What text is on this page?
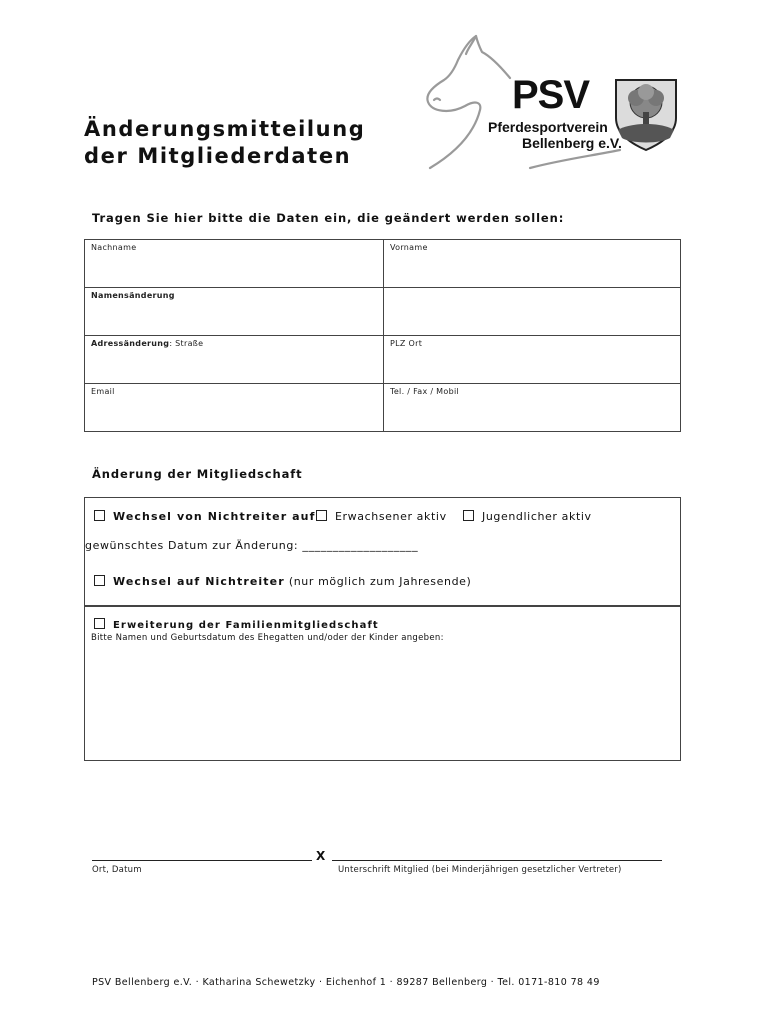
Änderungsmitteilung
der Mitgliederdaten
PSV
Pferdesportverein
Bellenberg e.V.
Tragen Sie hier bitte die Daten ein, die geändert werden sollen:
Nachname	Vorname
Namensänderung	
Adressänderung: Straße	PLZ Ort
Email	Tel. / Fax / Mobil
Änderung der Mitgliedschaft
Wechsel von Nichtreiter auf	Erwachsener aktiv	Jugendlicher aktiv
gewünschtes Datum zur Änderung: ___________________
Wechsel auf Nichtreiter (nur möglich zum Jahresende)
Erweiterung der Familienmitgliedschaft
Bitte Namen und Geburtsdatum des Ehegatten und/oder der Kinder angeben:
X
Ort, Datum	Unterschrift Mitglied (bei Minderjährigen gesetzlicher Vertreter)
PSV Bellenberg e.V. · Katharina Schewetzky · Eichenhof 1 · 89287 Bellenberg · Tel. 0171-810 78 49
